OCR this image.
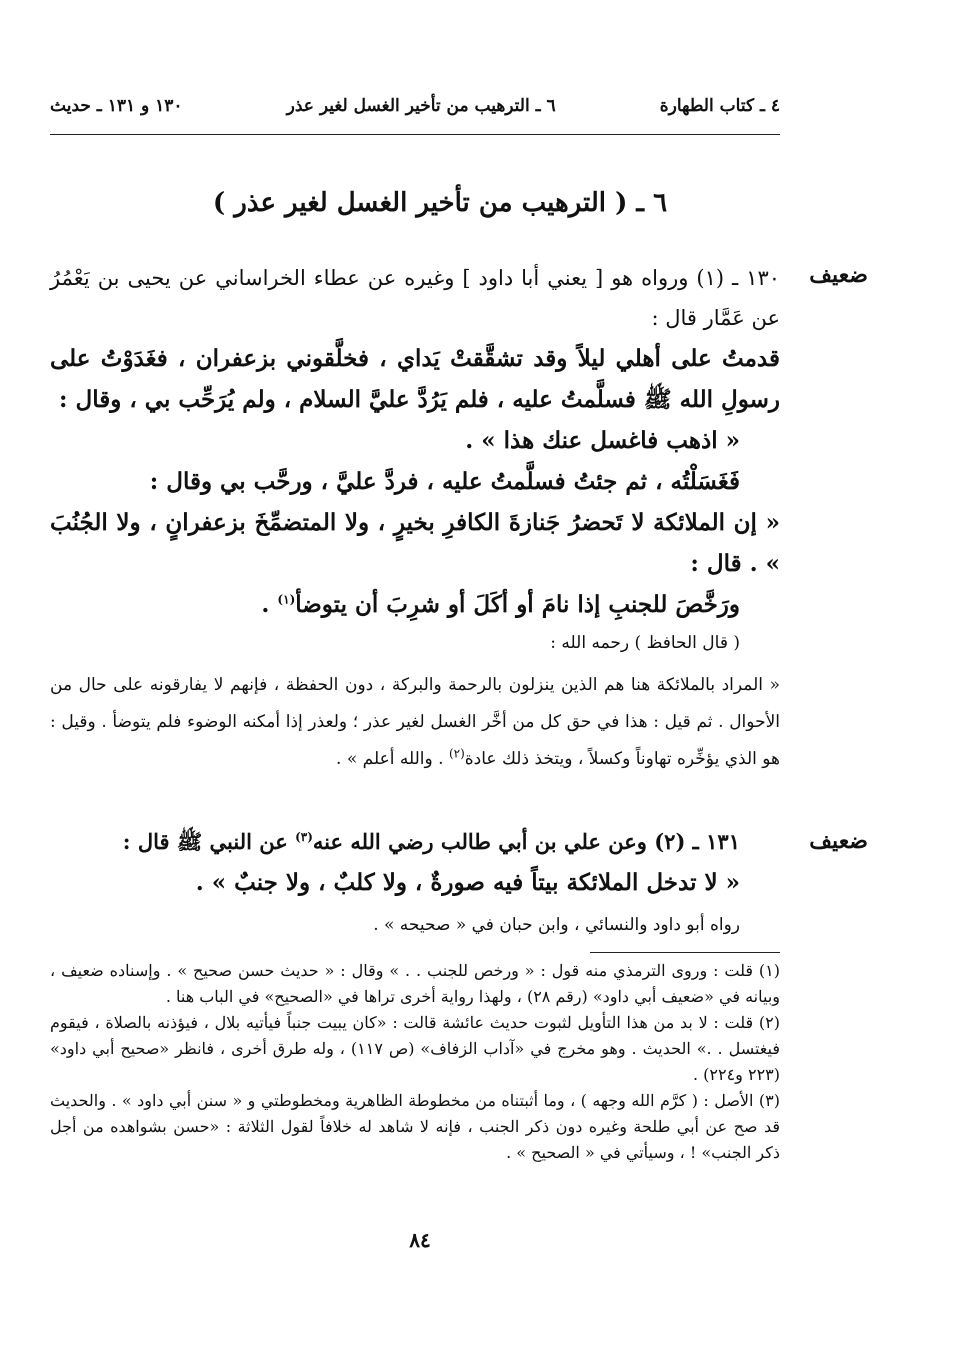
٤ ـ كتاب الطهارة
٦ ـ الترهيب من تأخير الغسل لغير عذر
١٣٠ و ١٣١ ـ حديث
٦ ـ ( الترهيب من تأخير الغسل لغير عذر )
ضعيف

١٣٠ ـ (١) ورواه هو [ يعني أبا داود ] وغيره عن عطاء الخراساني عن يحيى بن يَعْمُرُ عن عَمَّار قال :

قدمتُ على أهلي ليلاً وقد تشقَّقتْ يَداي ، فخلَّقوني بزعفران ، فغَدَوْتُ على رسولِ الله ﷺ فسلَّمتُ عليه ، فلم يَرُدَّ عليَّ السلام ، ولم يُرَحِّب بي ، وقال :

« اذهب فاغسل عنك هذا » .

فَغَسَلْتُه ، ثم جئتُ فسلَّمتُ عليه ، فردَّ عليَّ ، ورحَّب بي وقال :

« إن الملائكة لا تَحضرُ جَنازةَ الكافرِ بخيرٍ ، ولا المتضمِّخَ بزعفرانٍ ، ولا الجُنُبَ » . قال :

ورَخَّصَ للجنبِ إذا نامَ أو أكَلَ أو شرِبَ أن يتوضأ$^{(١)}$ .

( قال الحافظ ) رحمه الله :

« المراد بالملائكة هنا هم الذين ينزلون بالرحمة والبركة ، دون الحفظة ، فإنهم لا يفارقونه على حال من الأحوال . ثم قيل : هذا في حق كل من أخَّر الغسل لغير عذر ؛ ولعذر إذا أمكنه الوضوء فلم يتوضأ . وقيل : هو الذي يؤخِّره تهاوناً وكسلاً ، ويتخذ ذلك عادة$^{(٢)}$ . والله أعلم » .

ضعيف

١٣١ ـ (٢) وعن علي بن أبي طالب رضي الله عنه$^{(٣)}$ عن النبي ﷺ قال :

« لا تدخل الملائكة بيتاً فيه صورةٌ ، ولا كلبٌ ، ولا جنبٌ » .

رواه أبو داود والنسائي ، وابن حبان في « صحيحه » .

(١) قلت : وروى الترمذي منه قول : « ورخص للجنب . . » وقال : « حديث حسن صحيح » . وإسناده ضعيف ، وبيانه في «ضعيف أبي داود» (رقم ٢٨) ، ولهذا رواية أخرى تراها في «الصحيح» في الباب هنا .

(٢) قلت : لا بد من هذا التأويل لثبوت حديث عائشة قالت : «كان يبيت جنباً فيأتيه بلال ، فيؤذنه بالصلاة ، فيقوم فيغتسل . .» الحديث . وهو مخرج في «آداب الزفاف» (ص ١١٧) ، وله طرق أخرى ، فانظر «صحيح أبي داود» (٢٢٣ و٢٢٤) .

(٣) الأصل : ( كرَّم الله وجهه ) ، وما أثبتناه من مخطوطة الظاهرية ومخطوطتي و « سنن أبي داود » . والحديث قد صح عن أبي طلحة وغيره دون ذكر الجنب ، فإنه لا شاهد له خلافاً لقول الثلاثة : «حسن بشواهده من أجل ذكر الجنب» ! ، وسيأتي في « الصحيح » .

٨٤
